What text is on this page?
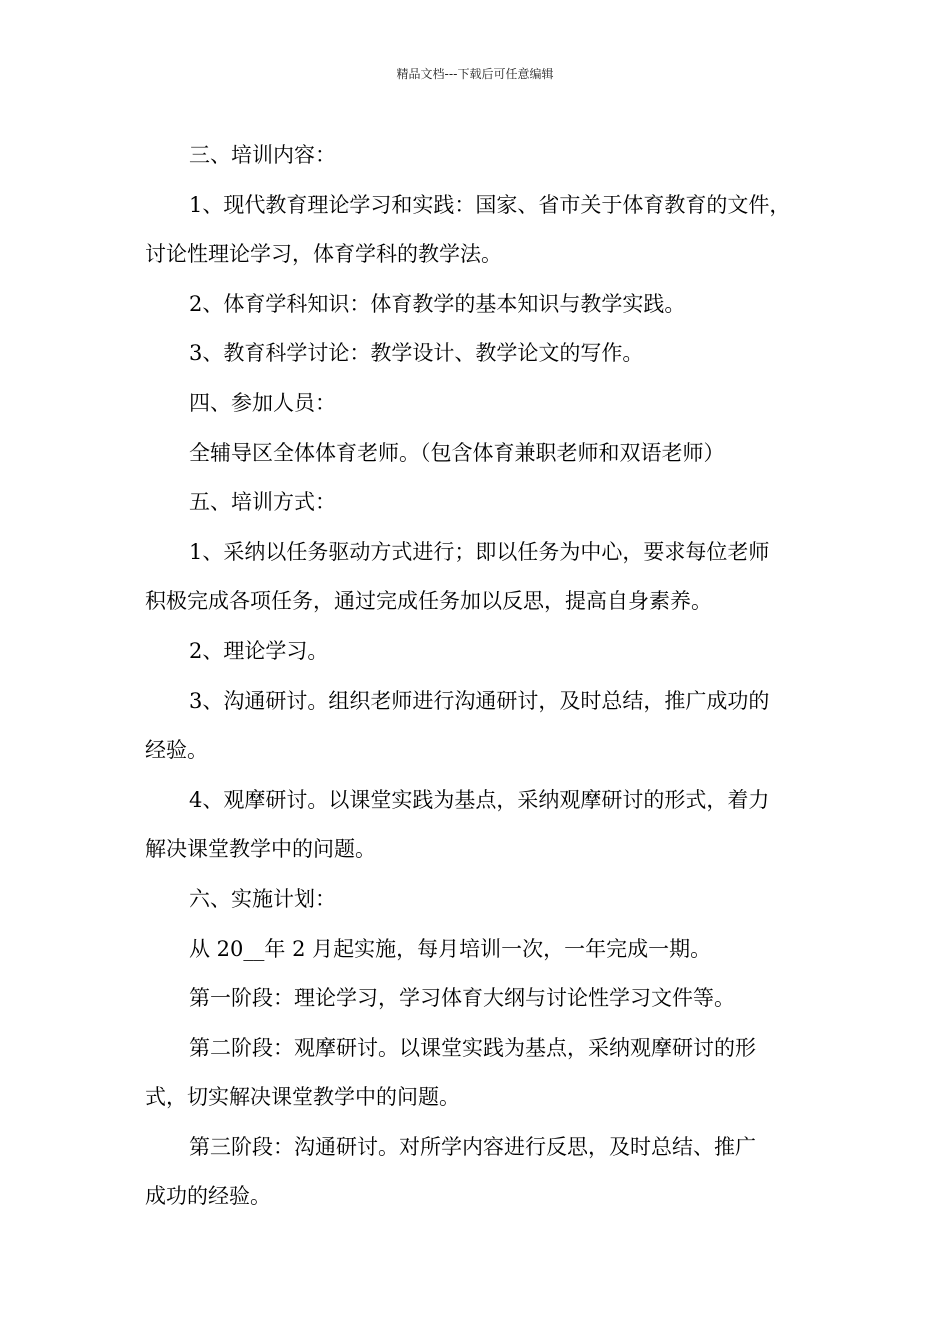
精品文档---下载后可任意编辑
三、培训内容：
1、现代教育理论学习和实践：国家、省市关于体育教育的文件，
讨论性理论学习，体育学科的教学法。
2、体育学科知识：体育教学的基本知识与教学实践。
3、教育科学讨论：教学设计、教学论文的写作。
四、参加人员：
全辅导区全体体育老师。（包含体育兼职老师和双语老师）
五、培训方式：
1、采纳以任务驱动方式进行；即以任务为中心，要求每位老师
积极完成各项任务，通过完成任务加以反思，提高自身素养。
2、理论学习。
3、沟通研讨。组织老师进行沟通研讨，及时总结，推广成功的
经验。
4、观摩研讨。以课堂实践为基点，采纳观摩研讨的形式，着力
解决课堂教学中的问题。
六、实施计划：
从 20__年 2 月起实施，每月培训一次，一年完成一期。
第一阶段：理论学习，学习体育大纲与讨论性学习文件等。
第二阶段：观摩研讨。以课堂实践为基点，采纳观摩研讨的形
式，切实解决课堂教学中的问题。
第三阶段：沟通研讨。对所学内容进行反思，及时总结、推广
成功的经验。
